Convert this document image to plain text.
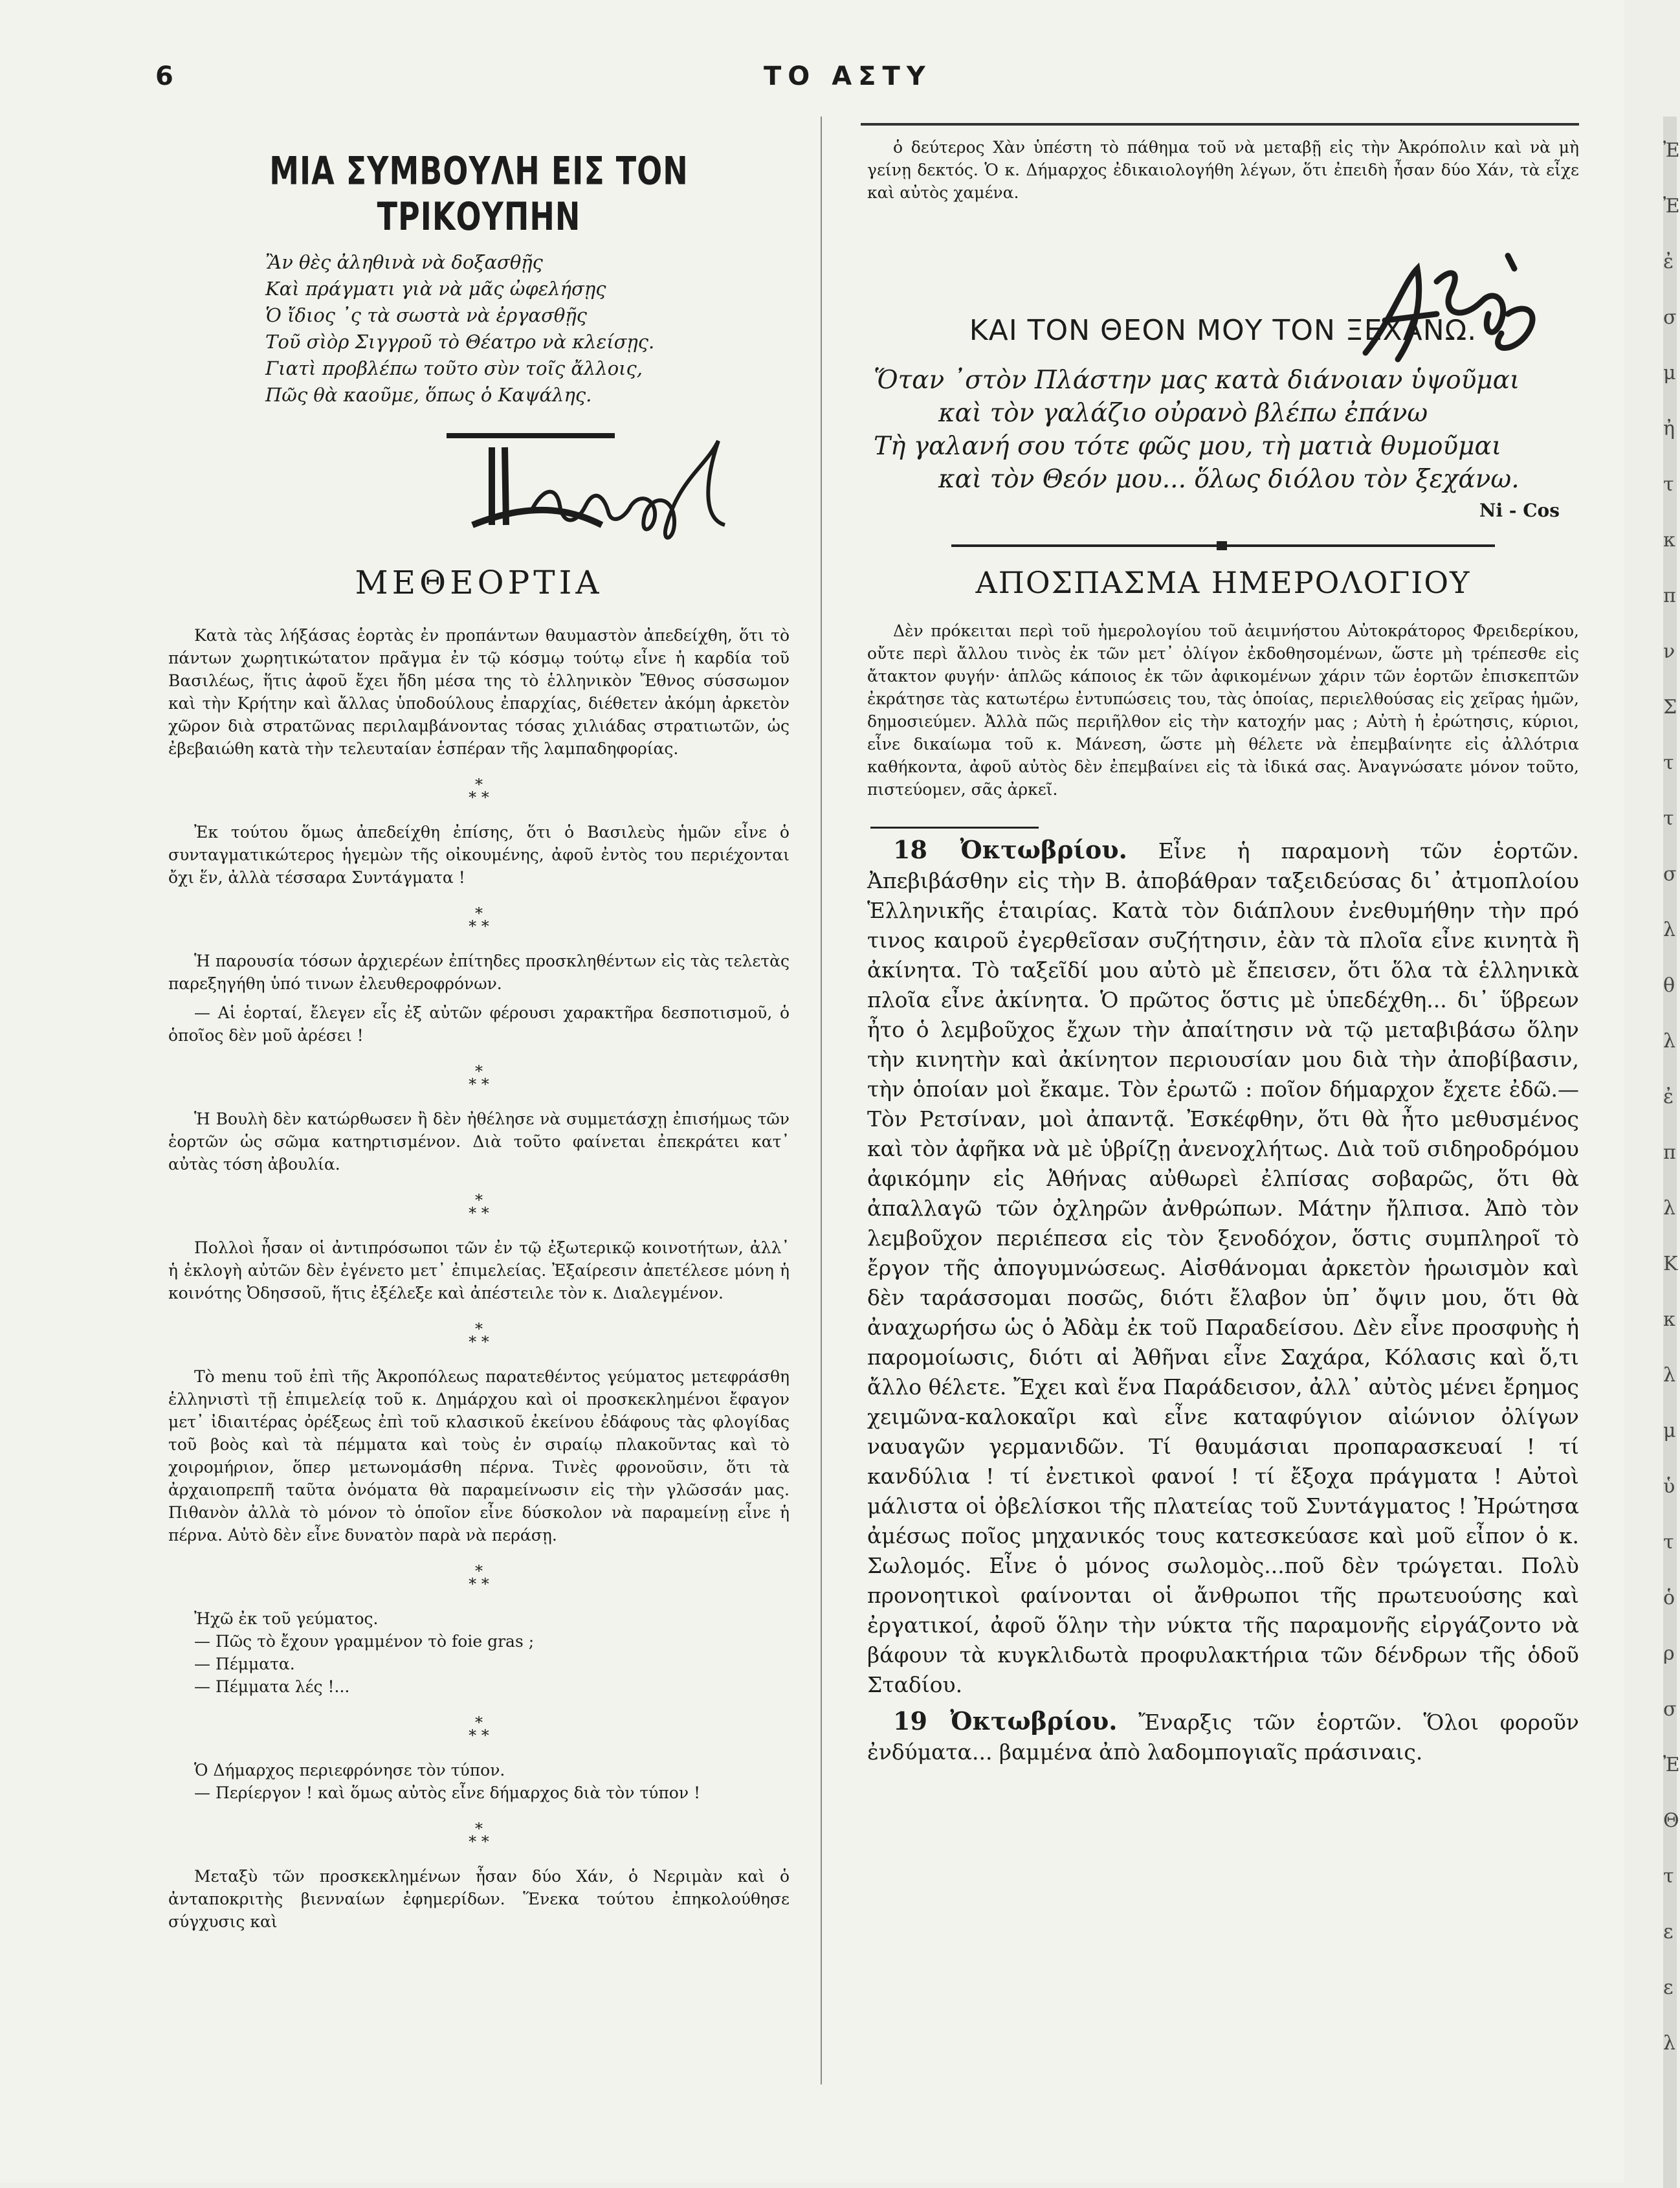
6	ΤΟ ΑΣΤΥ
ΜΙΑ ΣΥΜΒΟΥΛΗ ΕΙΣ ΤΟΝ ΤΡΙΚΟΥΠΗΝ
Ἂν θὲς ἀληθινὰ νὰ δοξασθῇς
Καὶ πράγματι γιὰ νὰ μᾶς ὠφελήσῃς
Ὁ ἴδιος ᾽ς τὰ σωστὰ νὰ ἐργασθῇς
Τοῦ σὶὸρ Σιγγροῦ τὸ Θέατρο νὰ κλείσῃς.
Γιατὶ προβλέπω τοῦτο σὺν τοῖς ἄλλοις,
Πῶς θὰ καοῦμε, ὅπως ὁ Καψάλης.
ΜΕΘΕΟΡΤΙΑ

Κατὰ τὰς λήξάσας ἑορτὰς ἐν προπάντων θαυμαστὸν ἀπεδείχθη, ὅτι τὸ πάντων χωρητικώτατον πρᾶγμα ἐν τῷ κόσμῳ τούτῳ εἶνε ἡ καρδία τοῦ Βασιλέως, ἥτις ἀφοῦ ἔχει ἤδη μέσα της τὸ ἑλληνικὸν Ἔθνος σύσσωμον καὶ τὴν Κρήτην καὶ ἄλλας ὑποδούλους ἐπαρχίας, διέθετεν ἀκόμη ἀρκετὸν χῶρον διὰ στρατῶνας περιλαμβάνοντας τόσας χιλιάδας στρατιωτῶν, ὡς ἐβεβαιώθη κατὰ τὴν τελευταίαν ἑσπέραν τῆς λαμπαδηφορίας.

*
* *

Ἐκ τούτου ὅμως ἀπεδείχθη ἐπίσης, ὅτι ὁ Βασιλεὺς ἡμῶν εἶνε ὁ συνταγματικώτερος ἡγεμὼν τῆς οἰκουμένης, ἀφοῦ ἐντὸς του περιέχονται ὄχι ἕν, ἀλλὰ τέσσαρα Συντάγματα !

*
* *

Ἡ παρουσία τόσων ἀρχιερέων ἐπίτηδες προσκληθέντων εἰς τὰς τελετὰς παρεξηγήθη ὑπό τινων ἐλευθεροφρόνων.

— Αἱ ἑορταί, ἔλεγεν εἷς ἐξ αὐτῶν φέρουσι χαρακτῆρα δεσποτισμοῦ, ὁ ὁποῖος δὲν μοῦ ἀρέσει !

*
* *

Ἡ Βουλὴ δὲν κατώρθωσεν ἢ δὲν ἠθέλησε νὰ συμμετάσχῃ ἐπισήμως τῶν ἑορτῶν ὡς σῶμα κατηρτισμένον. Διὰ τοῦτο φαίνεται ἐπεκράτει κατ᾽ αὐτὰς τόση ἀβουλία.

*
* *

Πολλοὶ ἦσαν οἱ ἀντιπρόσωποι τῶν ἐν τῷ ἐξωτερικῷ κοινοτήτων, ἀλλ᾽ ἡ ἐκλογὴ αὐτῶν δὲν ἐγένετο μετ᾽ ἐπιμελείας. Ἐξαίρεσιν ἀπετέλεσε μόνη ἡ κοινότης Ὀδησσοῦ, ἥτις ἐξέλεξε καὶ ἀπέστειλε τὸν κ. Διαλεγμένον.

*
* *

Τὸ menu τοῦ ἐπὶ τῆς Ἀκροπόλεως παρατεθέντος γεύματος μετεφράσθη ἑλληνιστὶ τῇ ἐπιμελείᾳ τοῦ κ. Δημάρχου καὶ οἱ προσκεκλημένοι ἔφαγον μετ᾽ ἰδιαιτέρας ὀρέξεως ἐπὶ τοῦ κλασικοῦ ἐκείνου ἐδάφους τὰς φλογίδας τοῦ βοὸς καὶ τὰ πέμματα καὶ τοὺς ἐν σιραίῳ πλακοῦντας καὶ τὸ χοιρομήριον, ὅπερ μετωνομάσθη πέρνα. Τινὲς φρονοῦσιν, ὅτι τὰ ἀρχαιοπρεπῆ ταῦτα ὀνόματα θὰ παραμείνωσιν εἰς τὴν γλῶσσάν μας. Πιθανὸν ἀλλὰ τὸ μόνον τὸ ὁποῖον εἶνε δύσκολον νὰ παραμείνῃ εἶνε ἡ πέρνα. Αὐτὸ δὲν εἶνε δυνατὸν παρὰ νὰ περάσῃ.

*
* *
Ἠχῶ ἐκ τοῦ γεύματος.
— Πῶς τὸ ἔχουν γραμμένον τὸ foie gras ;
— Πέμματα.
— Πέμματα λές !...
*
* *
Ὁ Δήμαρχος περιεφρόνησε τὸν τύπον.
— Περίεργον ! καὶ ὅμως αὐτὸς εἶνε δήμαρχος διὰ τὸν τύπον !
*
* *

Μεταξὺ τῶν προσκεκλημένων ἦσαν δύο Χάν, ὁ Νεριμὰν καὶ ὁ ἀνταποκριτὴς βιενναίων ἐφημερίδων. Ἕνεκα τούτου ἐπηκολούθησε σύγχυσις καὶ

ὁ δεύτερος Χὰν ὑπέστη τὸ πάθημα τοῦ νὰ μεταβῇ εἰς τὴν Ἀκρόπολιν καὶ νὰ μὴ γείνῃ δεκτός. Ὁ κ. Δήμαρχος ἐδικαιολογήθη λέγων, ὅτι ἐπειδὴ ἦσαν δύο Χάν, τὰ εἶχε καὶ αὐτὸς χαμένα.

ΚΑΙ ΤΟΝ ΘΕΟΝ ΜΟΥ ΤΟΝ ΞΕΧΑΝΩ.
Ὅταν ᾽στὸν Πλάστην μας κατὰ διάνοιαν ὑψοῦμαι
καὶ τὸν γαλάζιο οὐρανὸ βλέπω ἐπάνω
Τὴ γαλανή σου τότε φῶς μου, τὴ ματιὰ θυμοῦμαι
καὶ τὸν Θεόν μου... ὅλως διόλου τὸν ξεχάνω.
Ni - Cos
ΑΠΟΣΠΑΣΜΑ ΗΜΕΡΟΛΟΓΙΟΥ

Δὲν πρόκειται περὶ τοῦ ἡμερολογίου τοῦ ἀειμνήστου Αὐτοκράτορος Φρειδερίκου, οὔτε περὶ ἄλλου τινὸς ἐκ τῶν μετ᾽ ὀλίγον ἐκδοθησομένων, ὥστε μὴ τρέπεσθε εἰς ἄτακτον φυγήν· ἁπλῶς κάποιος ἐκ τῶν ἀφικομένων χάριν τῶν ἑορτῶν ἐπισκεπτῶν ἐκράτησε τὰς κατωτέρω ἐντυπώσεις του, τὰς ὁποίας, περιελθούσας εἰς χεῖρας ἡμῶν, δημοσιεύμεν. Ἀλλὰ πῶς περιῆλθον εἰς τὴν κατοχήν μας ; Αὐτὴ ἡ ἐρώτησις, κύριοι, εἶνε δικαίωμα τοῦ κ. Μάνεση, ὥστε μὴ θέλετε νὰ ἐπεμβαίνητε εἰς ἀλλότρια καθήκοντα, ἀφοῦ αὐτὸς δὲν ἐπεμβαίνει εἰς τὰ ἰδικά σας. Ἀναγνώσατε μόνον τοῦτο, πιστεύομεν, σᾶς ἀρκεῖ.

18 Ὀκτωβρίου. Εἶνε ἡ παραμονὴ τῶν ἑορτῶν. Ἀπεβιβάσθην εἰς τὴν Β. ἀποβάθραν ταξειδεύσας δι᾽ ἀτμοπλοίου Ἑλληνικῆς ἑταιρίας. Κατὰ τὸν διάπλουν ἐνεθυμήθην τὴν πρό τινος καιροῦ ἐγερθεῖσαν συζήτησιν, ἐὰν τὰ πλοῖα εἶνε κινητὰ ἢ ἀκίνητα. Τὸ ταξεῖδί μου αὐτὸ μὲ ἔπεισεν, ὅτι ὅλα τὰ ἑλληνικὰ πλοῖα εἶνε ἀκίνητα. Ὁ πρῶτος ὅστις μὲ ὑπεδέχθη... δι᾽ ὕβρεων ἦτο ὁ λεμβοῦχος ἔχων τὴν ἀπαίτησιν νὰ τῷ μεταβιβάσω ὅλην τὴν κινητὴν καὶ ἀκίνητον περιουσίαν μου διὰ τὴν ἀποβίβασιν, τὴν ὁποίαν μοὶ ἔκαμε. Τὸν ἐρωτῶ : ποῖον δήμαρχον ἔχετε ἐδῶ.—Τὸν Ρετσίναν, μοὶ ἀπαντᾷ. Ἐσκέφθην, ὅτι θὰ ἦτο μεθυσμένος καὶ τὸν ἀφῆκα νὰ μὲ ὑβρίζῃ ἀνενοχλήτως. Διὰ τοῦ σιδηροδρόμου ἀφικόμην εἰς Ἀθήνας αὐθωρεὶ ἐλπίσας σοβαρῶς, ὅτι θὰ ἀπαλλαγῶ τῶν ὀχληρῶν ἀνθρώπων. Μάτην ἤλπισα. Ἀπὸ τὸν λεμβοῦχον περιέπεσα εἰς τὸν ξενοδόχον, ὅστις συμπληροῖ τὸ ἔργον τῆς ἀπογυμνώσεως. Αἰσθάνομαι ἀρκετὸν ἡρωισμὸν καὶ δὲν ταράσσομαι ποσῶς, διότι ἔλαβον ὑπ᾽ ὄψιν μου, ὅτι θὰ ἀναχωρήσω ὡς ὁ Ἀδὰμ ἐκ τοῦ Παραδείσου. Δὲν εἶνε προσφυὴς ἡ παρομοίωσις, διότι αἱ Ἀθῆναι εἶνε Σαχάρα, Κόλασις καὶ ὅ,τι ἄλλο θέλετε. Ἔχει καὶ ἕνα Παράδεισον, ἀλλ᾽ αὐτὸς μένει ἔρημος χειμῶνα-καλοκαῖρι καὶ εἶνε καταφύγιον αἰώνιον ὀλίγων ναυαγῶν γερμανιδῶν. Τί θαυμάσιαι προπαρασκευαί ! τί κανδύλια ! τί ἐνετικοὶ φανοί ! τί ἔξοχα πράγματα ! Αὐτοὶ μάλιστα οἱ ὀβελίσκοι τῆς πλατείας τοῦ Συντάγματος ! Ἠρώτησα ἀμέσως ποῖος μηχανικός τους κατεσκεύασε καὶ μοῦ εἶπον ὁ κ. Σωλομός. Εἶνε ὁ μόνος σωλομὸς...ποῦ δὲν τρώγεται. Πολὺ προνοητικοὶ φαίνονται οἱ ἄνθρωποι τῆς πρωτευούσης καὶ ἐργατικοί, ἀφοῦ ὅλην τὴν νύκτα τῆς παραμονῆς εἰργάζοντο νὰ βάφουν τὰ κυγκλιδωτὰ προφυλακτήρια τῶν δένδρων τῆς ὁδοῦ Σταδίου.

19 Ὀκτωβρίου. Ἔναρξις τῶν ἑορτῶν. Ὅλοι φοροῦν ἐνδύματα... βαμμένα ἀπὸ λαδομπογιαῖς πράσιναις.

Ἐ
Ἐ
ἐ
σ
μ
ἠ
τ
κ
π
ν
Σ
τ
τ
σ
λ
θ
λ
ἐ
π
λ
Κ
κ
λ
μ
ὑ
τ
ὁ
ρ
σ
Ἐ
Θ
τ
ε
ε
λ
